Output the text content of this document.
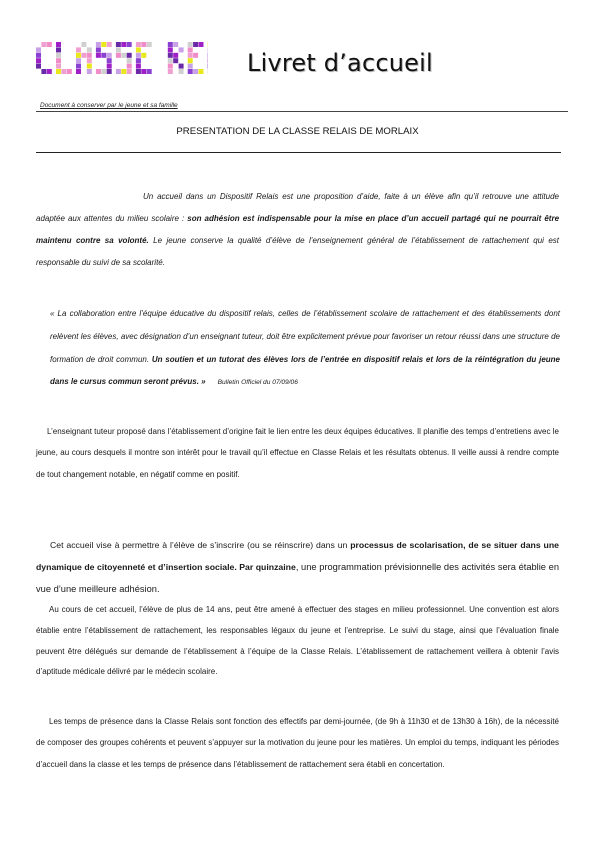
Livret d’accueil
Document à conserver par le jeune et sa famille
PRESENTATION DE LA CLASSE RELAIS DE MORLAIX

Un accueil dans un Dispositif Relais est une proposition d’aide, faite à un élève afin qu’il retrouve une attitude adaptée aux attentes du milieu scolaire : son adhésion est indispensable pour la mise en place d’un accueil partagé qui ne pourrait être maintenu contre sa volonté. Le jeune conserve la qualité d’élève de l’enseignement général de l’établissement de rattachement qui est responsable du suivi de sa scolarité.

« La collaboration entre l’équipe éducative du dispositif relais, celles de l’établissement scolaire de rattachement et des établissements dont relèvent les élèves, avec désignation d’un enseignant tuteur, doit être explicitement prévue pour favoriser un retour réussi dans une structure de formation de droit commun. Un soutien et un tutorat des élèves lors de l’entrée en dispositif relais et lors de la réintégration du jeune dans le cursus commun seront prévus. » Bulletin Officiel du 07/09/06

L’enseignant tuteur proposé dans l’établissement d’origine fait le lien entre les deux équipes éducatives. Il planifie des temps d’entretiens avec le jeune, au cours desquels il montre son intérêt pour le travail qu’il effectue en Classe Relais et les résultats obtenus. Il veille aussi à rendre compte de tout changement notable, en négatif comme en positif.

Cet accueil vise à permettre à l’élève de s’inscrire (ou se réinscrire) dans un processus de scolarisation, de se situer dans une dynamique de citoyenneté et d’insertion sociale. Par quinzaine, une programmation prévisionnelle des activités sera établie en vue d’une meilleure adhésion.

Au cours de cet accueil, l’élève de plus de 14 ans, peut être amené à effectuer des stages en milieu professionnel. Une convention est alors établie entre l’établissement de rattachement, les responsables légaux du jeune et l’entreprise. Le suivi du stage, ainsi que l’évaluation finale peuvent être délégués sur demande de l’établissement à l’équipe de la Classe Relais. L’établissement de rattachement veillera à obtenir l’avis d’aptitude médicale délivré par le médecin scolaire.

Les temps de présence dans la Classe Relais sont fonction des effectifs par demi-journée, (de 9h à 11h30 et de 13h30 à 16h), de la nécessité de composer des groupes cohérents et peuvent s’appuyer sur la motivation du jeune pour les matières. Un emploi du temps, indiquant les périodes d’accueil dans la classe et les temps de présence dans l’établissement de rattachement sera établi en concertation.
